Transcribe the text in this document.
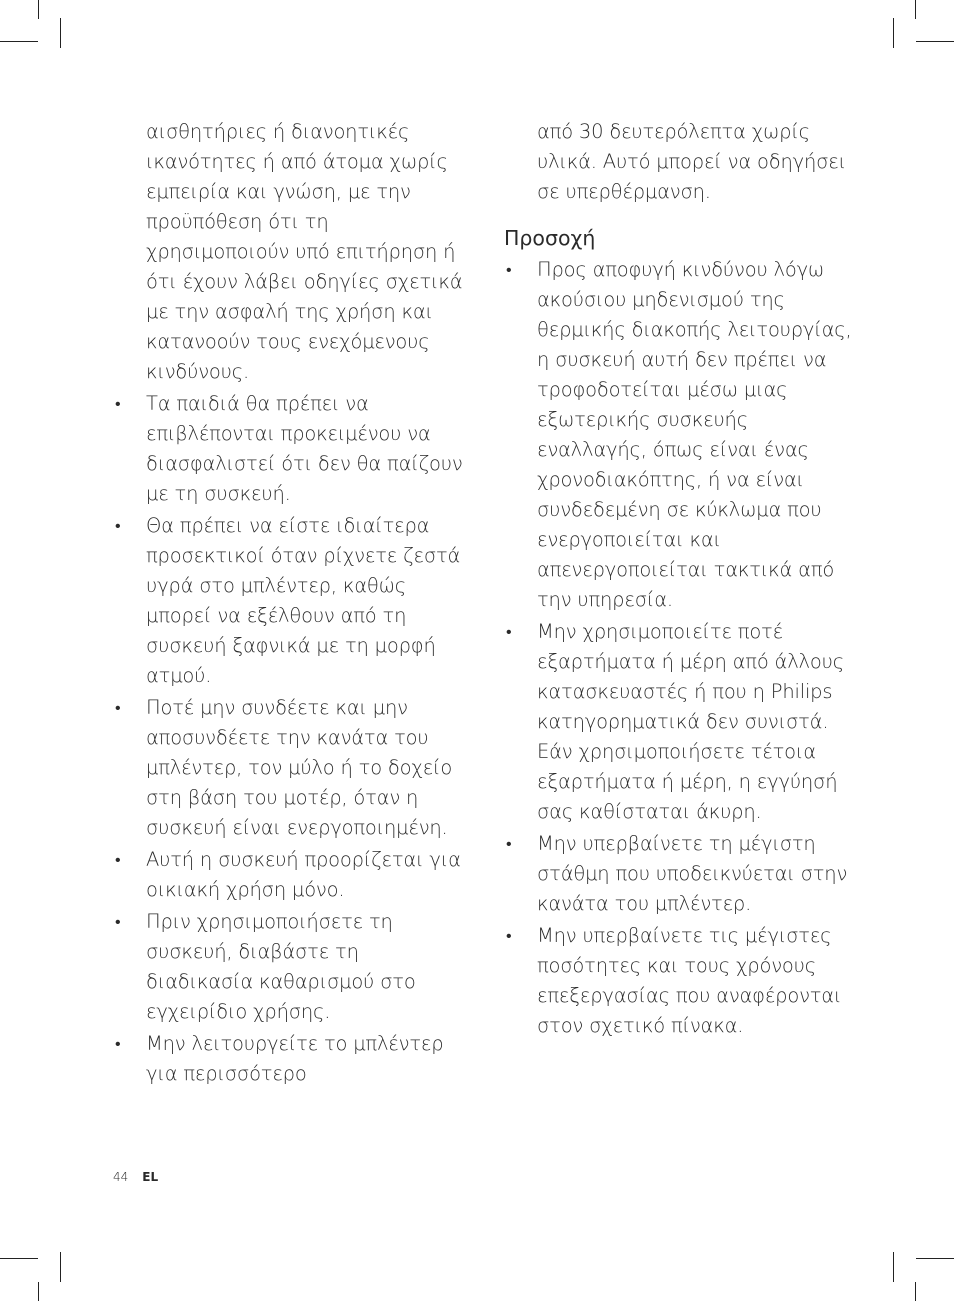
αισθητήριες ή διανοητικές ικανότητες ή από άτομα χωρίς εμπειρία και γνώση, με την προϋπόθεση ότι τη χρησιμοποιούν υπό επιτήρηση ή ότι έχουν λάβει οδηγίες σχετικά με την ασφαλή της χρήση και κατανοούν τους ενεχόμενους κινδύνους.
• Τα παιδιά θα πρέπει να επιβλέπονται προκειμένου να διασφαλιστεί ότι δεν θα παίζουν με τη συσκευή.
• Θα πρέπει να είστε ιδιαίτερα προσεκτικοί όταν ρίχνετε ζεστά υγρά στο μπλέντερ, καθώς μπορεί να εξέλθουν από τη συσκευή ξαφνικά με τη μορφή ατμού.
• Ποτέ μην συνδέετε και μην αποσυνδέετε την κανάτα του μπλέντερ, τον μύλο ή το δοχείο στη βάση του μοτέρ, όταν η συσκευή είναι ενεργοποιημένη.
• Αυτή η συσκευή προορίζεται για οικιακή χρήση μόνο.
• Πριν χρησιμοποιήσετε τη συσκευή, διαβάστε τη διαδικασία καθαρισμού στο εγχειρίδιο χρήσης.
• Μην λειτουργείτε το μπλέντερ για περισσότερο
από 30 δευτερόλεπτα χωρίς υλικά. Αυτό μπορεί να οδηγήσει σε υπερθέρμανση.
Προσοχή
• Προς αποφυγή κινδύνου λόγω ακούσιου μηδενισμού της θερμικής διακοπής λειτουργίας, η συσκευή αυτή δεν πρέπει να τροφοδοτείται μέσω μιας εξωτερικής συσκευής εναλλαγής, όπως είναι ένας χρονοδιακόπτης, ή να είναι συνδεδεμένη σε κύκλωμα που ενεργοποιείται και απενεργοποιείται τακτικά από την υπηρεσία.
• Μην χρησιμοποιείτε ποτέ εξαρτήματα ή μέρη από άλλους κατασκευαστές ή που η Philips κατηγορηματικά δεν συνιστά. Εάν χρησιμοποιήσετε τέτοια εξαρτήματα ή μέρη, η εγγύησή σας καθίσταται άκυρη.
• Μην υπερβαίνετε τη μέγιστη στάθμη που υποδεικνύεται στην κανάτα του μπλέντερ.
• Μην υπερβαίνετε τις μέγιστες ποσότητες και τους χρόνους επεξεργασίας που αναφέρονται στον σχετικό πίνακα.
44 EL
